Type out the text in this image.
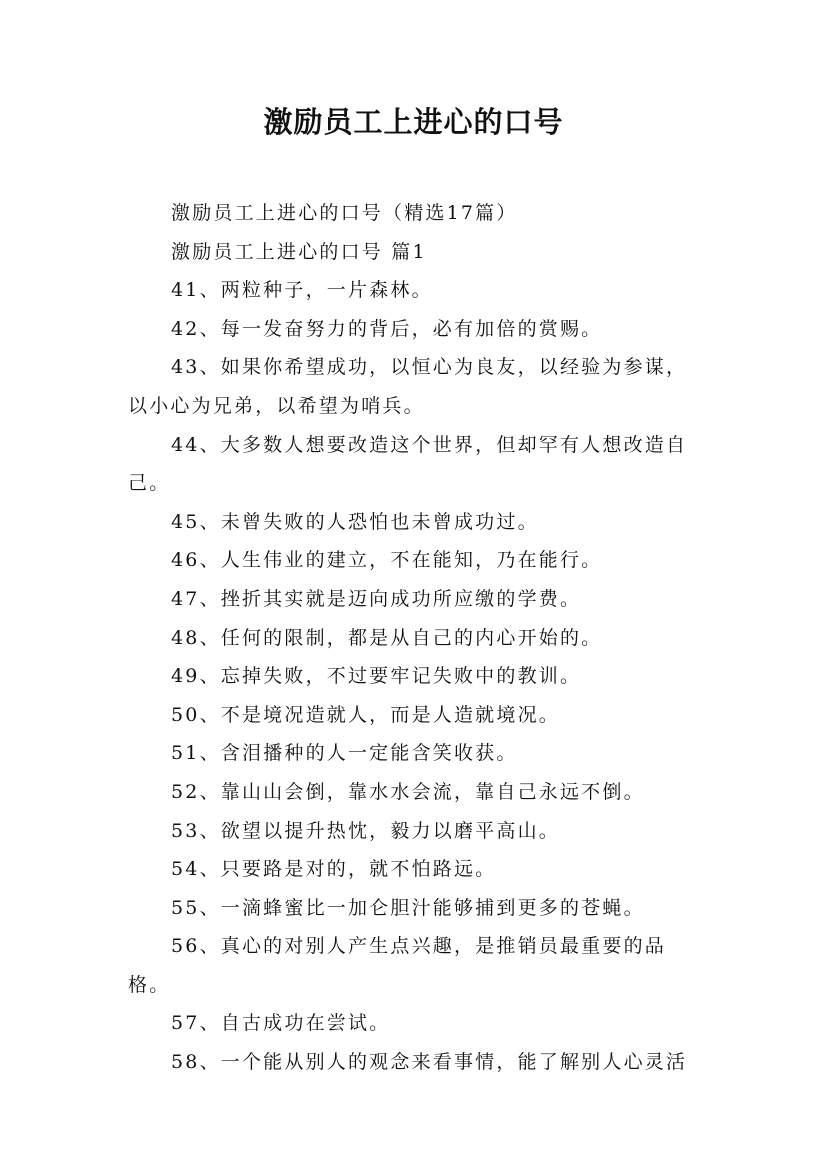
激励员工上进心的口号

激励员工上进心的口号（精选17篇）

激励员工上进心的口号 篇1

41、两粒种子，一片森林。

42、每一发奋努力的背后，必有加倍的赏赐。

43、如果你希望成功，以恒心为良友，以经验为参谋，以小心为兄弟，以希望为哨兵。

44、大多数人想要改造这个世界，但却罕有人想改造自己。

45、未曾失败的人恐怕也未曾成功过。

46、人生伟业的建立，不在能知，乃在能行。

47、挫折其实就是迈向成功所应缴的学费。

48、任何的限制，都是从自己的内心开始的。

49、忘掉失败，不过要牢记失败中的教训。

50、不是境况造就人，而是人造就境况。

51、含泪播种的人一定能含笑收获。

52、靠山山会倒，靠水水会流，靠自己永远不倒。

53、欲望以提升热忱，毅力以磨平高山。

54、只要路是对的，就不怕路远。

55、一滴蜂蜜比一加仑胆汁能够捕到更多的苍蝇。

56、真心的对别人产生点兴趣，是推销员最重要的品格。

57、自古成功在尝试。

58、一个能从别人的观念来看事情，能了解别人心灵活
